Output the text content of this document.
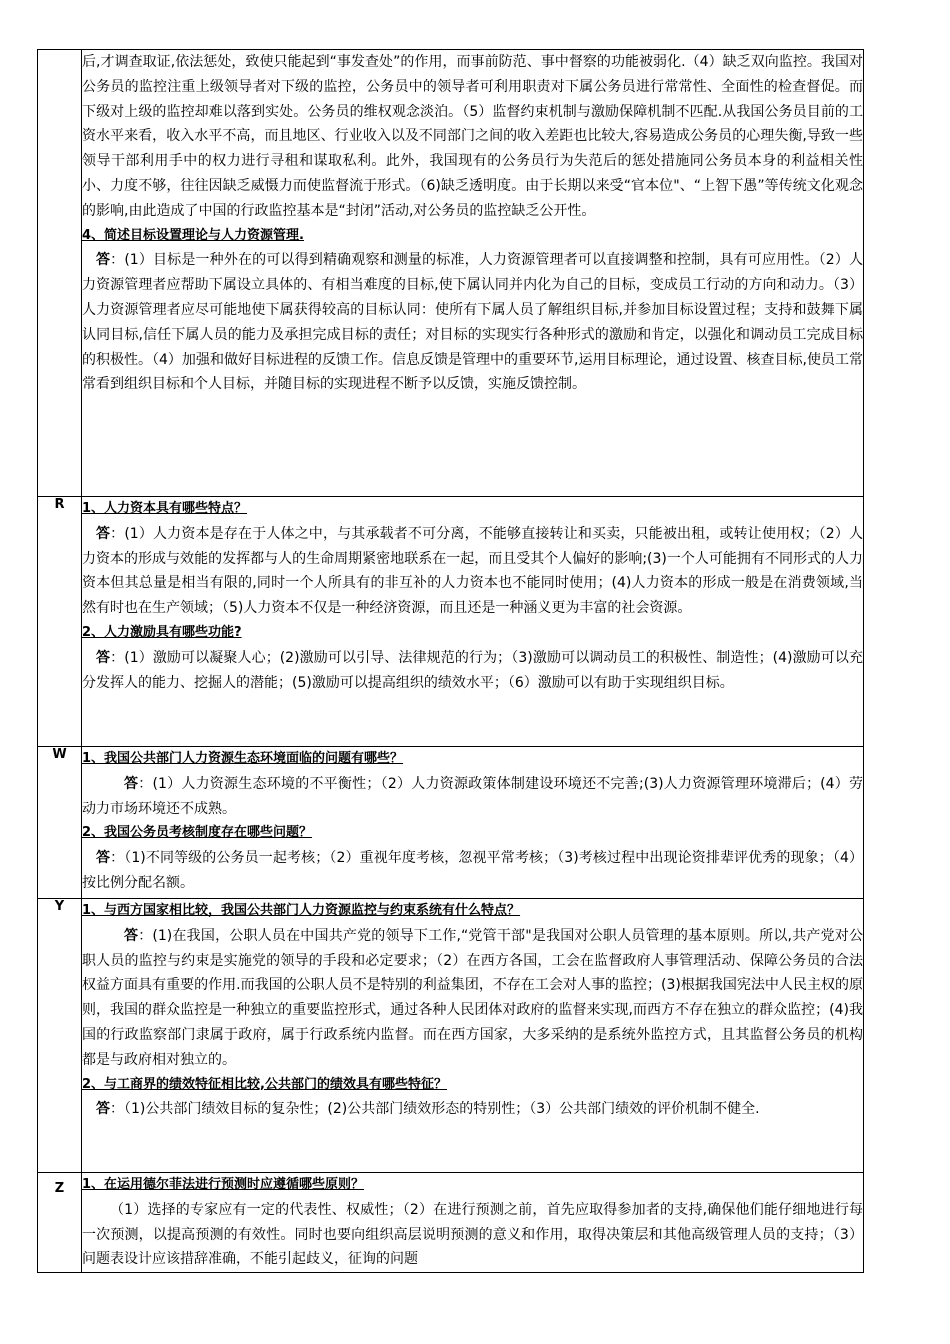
	后,才调查取证,依法惩处，致使只能起到“事发查处”的作用，而事前防范、事中督察的功能被弱化.（4）缺乏双向监控。我国对公务员的监控注重上级领导者对下级的监控，公务员中的领导者可利用职责对下属公务员进行常常性、全面性的检查督促。而下级对上级的监控却难以落到实处。公务员的维权观念淡泊。（5）监督约束机制与激励保障机制不匹配.从我国公务员目前的工资水平来看，收入水平不高，而且地区、行业收入以及不同部门之间的收入差距也比较大,容易造成公务员的心理失衡,导致一些领导干部利用手中的权力进行寻租和谋取私利。此外，我国现有的公务员行为失范后的惩处措施同公务员本身的利益相关性小、力度不够，往往因缺乏威慑力而使监督流于形式。（6)缺乏透明度。由于长期以来受“官本位"、“上智下愚”等传统文化观念的影响,由此造成了中国的行政监控基本是“封闭”活动,对公务员的监控缺乏公开性。

4、简述目标设置理论与人力资源管理.

答：(1）目标是一种外在的可以得到精确观察和测量的标准，人力资源管理者可以直接调整和控制，具有可应用性。（2）人力资源管理者应帮助下属设立具体的、有相当难度的目标,使下属认同并内化为自己的目标，变成员工行动的方向和动力。（3）人力资源管理者应尽可能地使下属获得较高的目标认同：使所有下属人员了解组织目标,并参加目标设置过程；支持和鼓舞下属认同目标,信任下属人员的能力及承担完成目标的责任；对目标的实现实行各种形式的激励和肯定，以强化和调动员工完成目标的积极性。（4）加强和做好目标进程的反馈工作。信息反馈是管理中的重要环节,运用目标理论，通过设置、核查目标,使员工常常看到组织目标和个人目标，并随目标的实现进程不断予以反馈，实施反馈控制。

R	1、人力资本具有哪些特点？

答：(1）人力资本是存在于人体之中，与其承载者不可分离，不能够直接转让和买卖，只能被出租，或转让使用权；（2）人力资本的形成与效能的发挥都与人的生命周期紧密地联系在一起，而且受其个人偏好的影响;(3)一个人可能拥有不同形式的人力资本但其总量是相当有限的,同时一个人所具有的非互补的人力资本也不能同时使用；(4)人力资本的形成一般是在消费领域,当然有时也在生产领域；（5)人力资本不仅是一种经济资源，而且还是一种涵义更为丰富的社会资源。

2、人力激励具有哪些功能?

答：(1）激励可以凝聚人心；(2)激励可以引导、法律规范的行为；（3)激励可以调动员工的积极性、制造性；(4)激励可以充分发挥人的能力、挖掘人的潜能；(5)激励可以提高组织的绩效水平；（6）激励可以有助于实现组织目标。

W	1、我国公共部门人力资源生态环境面临的问题有哪些？

答：(1）人力资源生态环境的不平衡性；（2）人力资源政策体制建设环境还不完善;(3)人力资源管理环境滞后；(4）劳动力市场环境还不成熟。

2、我国公务员考核制度存在哪些问题？

答：（1)不同等级的公务员一起考核；（2）重视年度考核，忽视平常考核；（3)考核过程中出现论资排辈评优秀的现象；（4）按比例分配名额。

Y	1、与西方国家相比较，我国公共部门人力资源监控与约束系统有什么特点？

答：(1)在我国，公职人员在中国共产党的领导下工作,“党管干部"是我国对公职人员管理的基本原则。所以,共产党对公职人员的监控与约束是实施党的领导的手段和必定要求；（2）在西方各国，工会在监督政府人事管理活动、保障公务员的合法权益方面具有重要的作用.而我国的公职人员不是特别的利益集团，不存在工会对人事的监控；(3)根据我国宪法中人民主权的原则，我国的群众监控是一种独立的重要监控形式，通过各种人民团体对政府的监督来实现,而西方不存在独立的群众监控；(4)我国的行政监察部门隶属于政府，属于行政系统内监督。而在西方国家，大多采纳的是系统外监控方式，且其监督公务员的机构都是与政府相对独立的。

2、与工商界的绩效特征相比较,公共部门的绩效具有哪些特征？

答：（1)公共部门绩效目标的复杂性；(2)公共部门绩效形态的特别性；（3）公共部门绩效的评价机制不健全.

Z	1、在运用德尔菲法进行预测时应遵循哪些原则？

（1）选择的专家应有一定的代表性、权威性；（2）在进行预测之前，首先应取得参加者的支持,确保他们能仔细地进行每一次预测，以提高预测的有效性。同时也要向组织高层说明预测的意义和作用，取得决策层和其他高级管理人员的支持；（3）问题表设计应该措辞准确，不能引起歧义，征询的问题
